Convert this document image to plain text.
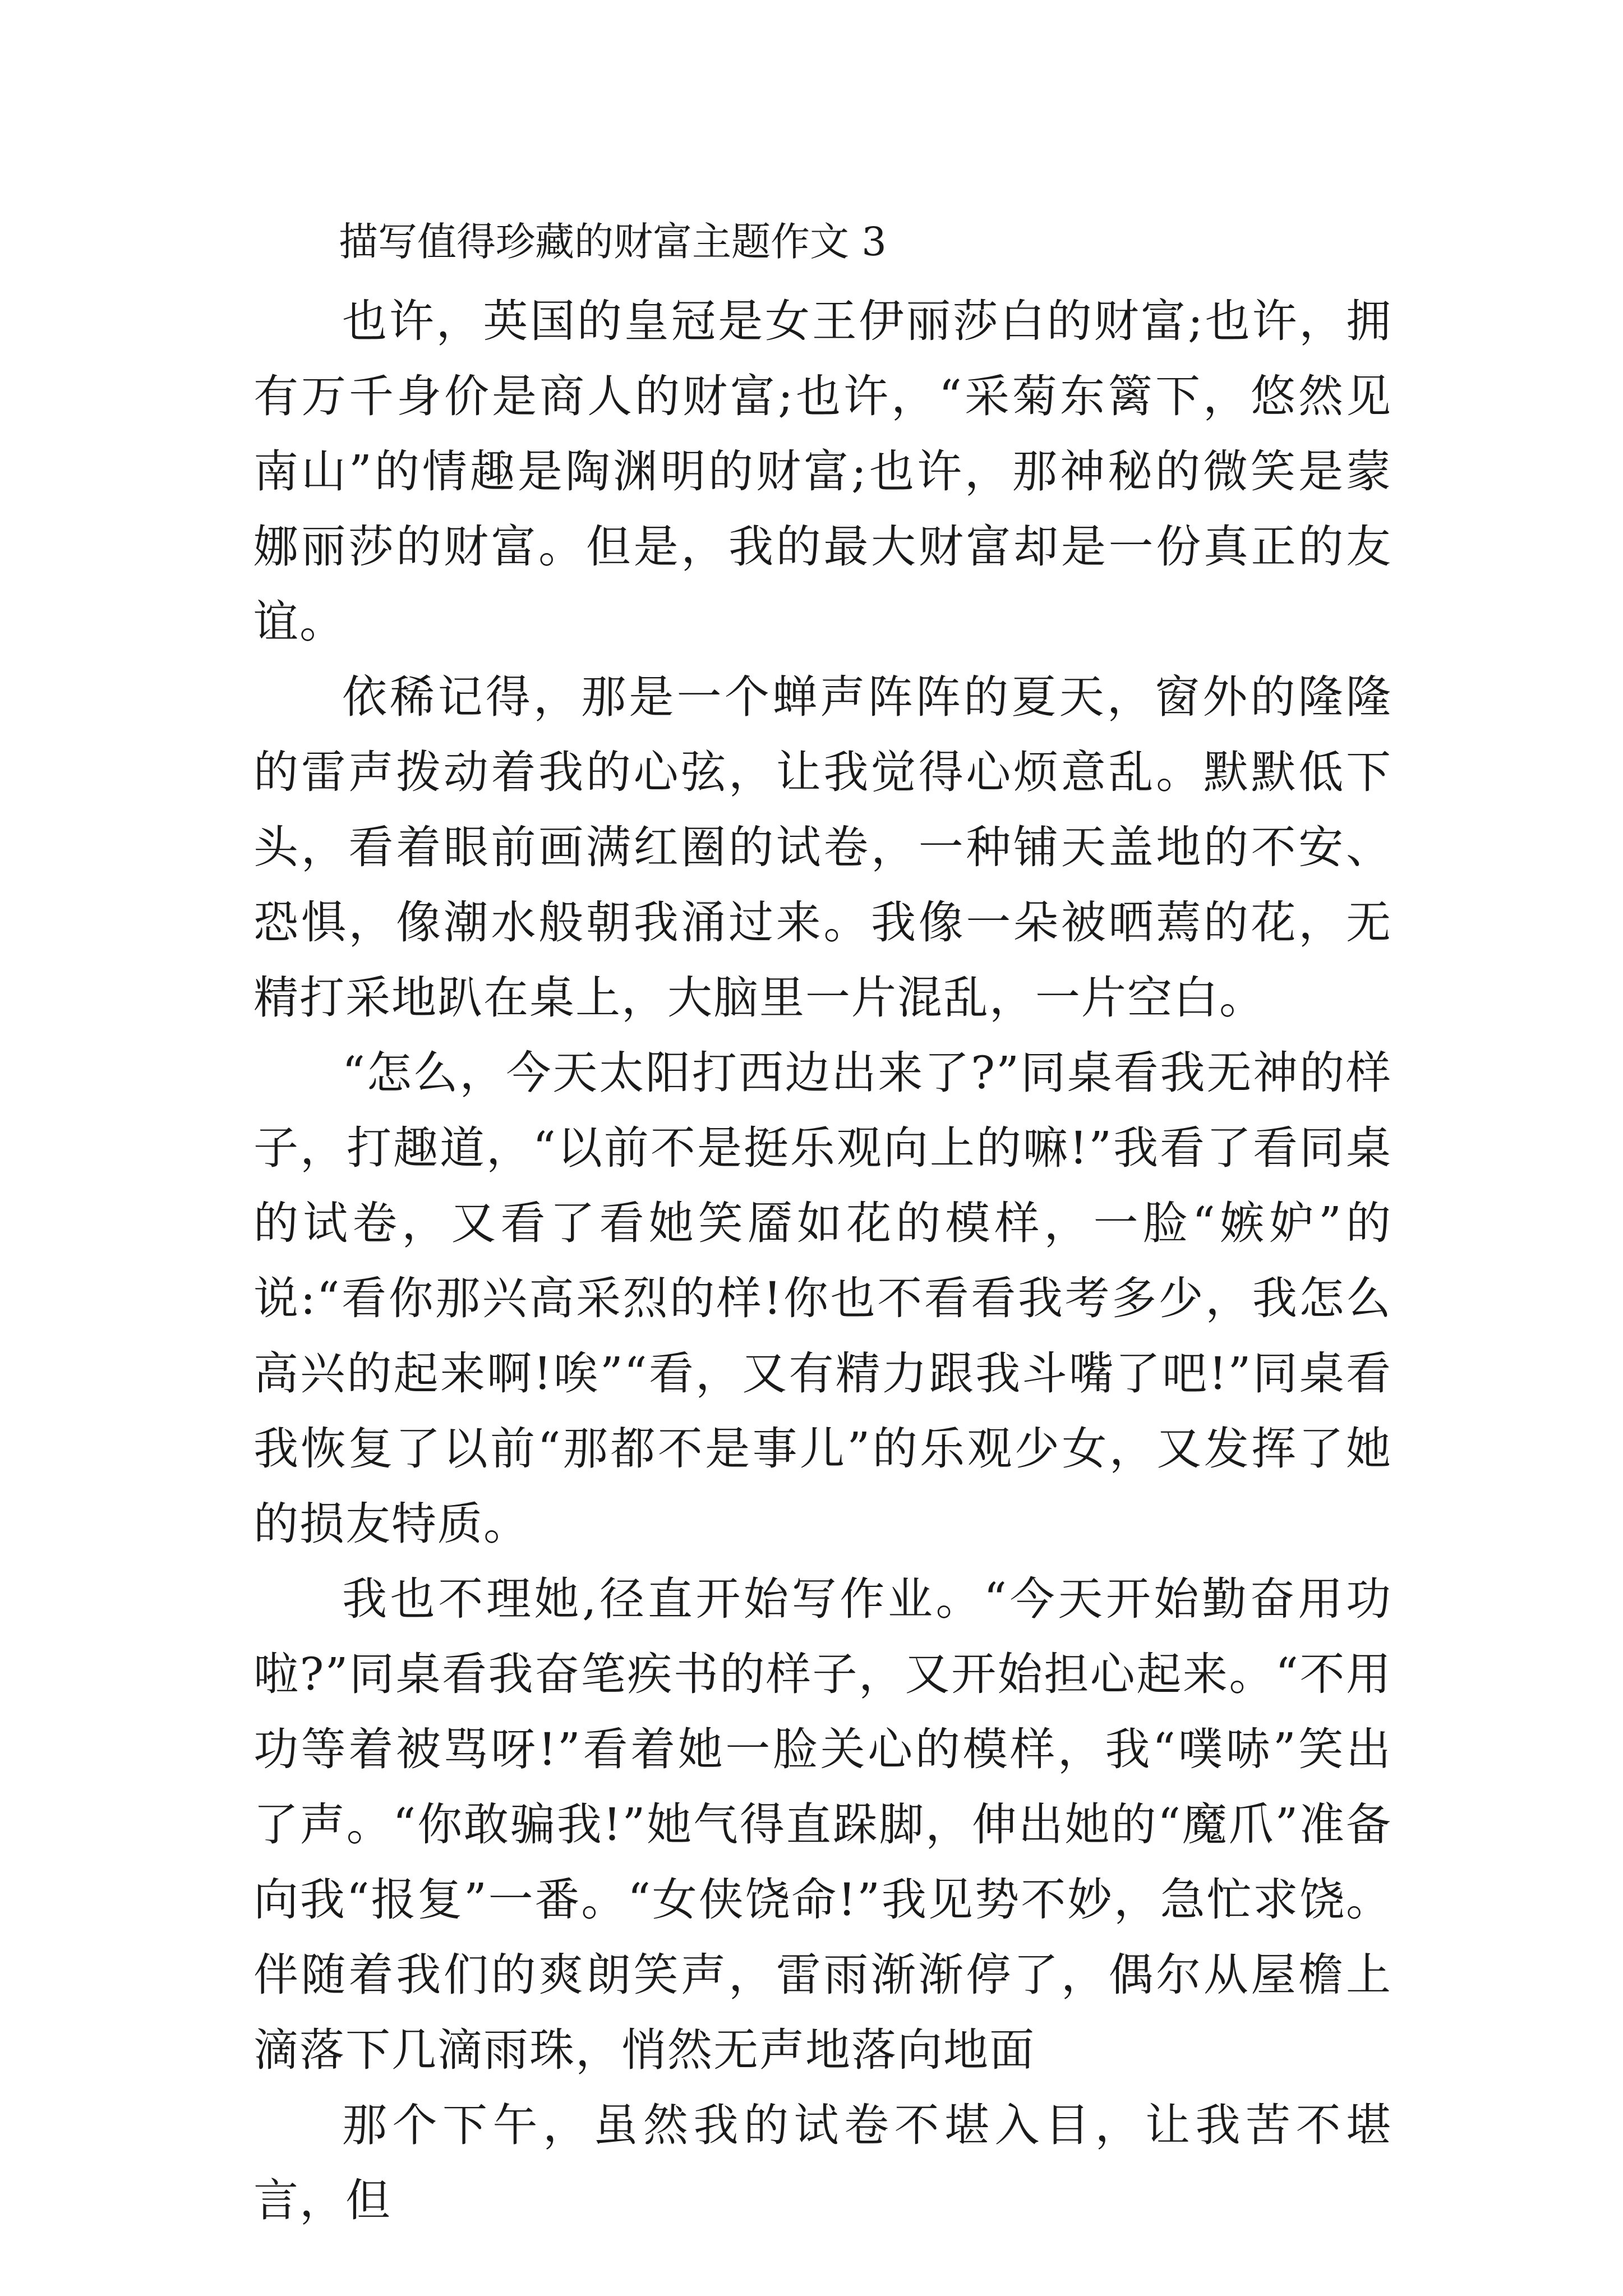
描写值得珍藏的财富主题作文 3

也许，英国的皇冠是女王伊丽莎白的财富;也许，拥有万千身价是商人的财富;也许，“采菊东篱下，悠然见南山”的情趣是陶渊明的财富;也许，那神秘的微笑是蒙娜丽莎的财富。但是，我的最大财富却是一份真正的友谊。

依稀记得，那是一个蝉声阵阵的夏天，窗外的隆隆的雷声拨动着我的心弦，让我觉得心烦意乱。默默低下头，看着眼前画满红圈的试卷，一种铺天盖地的不安、恐惧，像潮水般朝我涌过来。我像一朵被晒蔫的花，无精打采地趴在桌上，大脑里一片混乱，一片空白。

“怎么，今天太阳打西边出来了?”同桌看我无神的样子，打趣道，“以前不是挺乐观向上的嘛!”我看了看同桌的试卷，又看了看她笑靥如花的模样，一脸“嫉妒”的说:“看你那兴高采烈的样!你也不看看我考多少，我怎么高兴的起来啊!唉”“看，又有精力跟我斗嘴了吧!”同桌看我恢复了以前“那都不是事儿”的乐观少女，又发挥了她的损友特质。

我也不理她,径直开始写作业。“今天开始勤奋用功啦?”同桌看我奋笔疾书的样子，又开始担心起来。“不用功等着被骂呀!”看着她一脸关心的模样，我“噗哧”笑出了声。“你敢骗我!”她气得直跺脚，伸出她的“魔爪”准备向我“报复”一番。“女侠饶命!”我见势不妙，急忙求饶。伴随着我们的爽朗笑声，雷雨渐渐停了，偶尔从屋檐上滴落下几滴雨珠，悄然无声地落向地面

那个下午，虽然我的试卷不堪入目，让我苦不堪言，但
